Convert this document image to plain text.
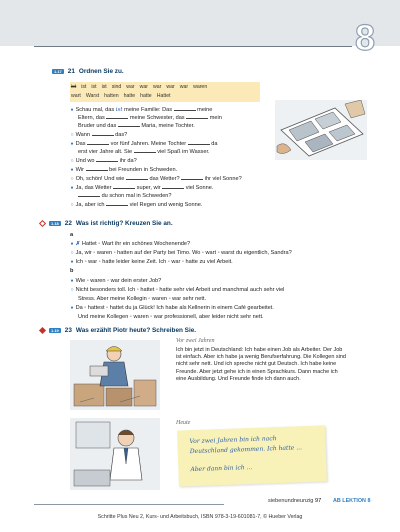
8
1.17 21 Ordnen Sie zu.
ist ist ist ist sind war war war war war waren
wart Warst hatten hatte hatte Hattet
● Schau mal, das ist meine Familie: Das	meine
Eltern, das	meine Schwester, das	mein
Bruder und das	Maria, meine Tochter.
○ Wann	das?
● Das	vor fünf Jahren. Meine Tochter	da
erst vier Jahre alt. Sie	viel Spaß im Wasser.
○ Und wo	ihr da?
● Wir	bei Freunden in Schweden.
○ Oh, schön! Und wie	das Wetter?	ihr viel Sonne?
● Ja, das Wetter	super, wir	viel Sonne.
du schon mal in Schweden?
○ Ja, aber ich	viel Regen und wenig Sonne.
1.18 22 Was ist richtig? Kreuzen Sie an.
a
● ✗ Hattet ◦ Wart ihr ein schönes Wochenende?
○ Ja, wir ◦ waren ◦ hatten auf der Party bei Timo. Wo ◦ wart ◦ warst du eigentlich, Sandra?
● Ich ◦ war ◦ hatte leider keine Zeit. Ich ◦ war ◦ hatte zu viel Arbeit.
b
● Wie ◦ waren ◦ war dein erster Job?
○ Nicht besonders toll. Ich ◦ hattet ◦ hatte sehr viel Arbeit und manchmal auch sehr viel
Stress. Aber meine Kollegin ◦ waren ◦ war sehr nett.
● Da ◦ hattest ◦ hattet du ja Glück! Ich habe als Kellnerin in einem Café gearbeitet.
Und meine Kollegen ◦ waren ◦ war professionell, aber leider nicht sehr nett.
1.19 23 Was erzählt Piotr heute? Schreiben Sie.
Vor zwei Jahren
Ich bin jetzt in Deutschland: Ich habe einen Job als Arbeiter. Der Job
ist einfach. Aber ich habe ja wenig Berufserfahrung. Die Kollegen sind
nicht sehr nett. Und ich spreche nicht gut Deutsch. Ich habe keine
Freunde. Aber jetzt gehe ich in einen Sprachkurs. Dann mache ich
eine Ausbildung. Und Freunde finde ich dann auch.
Heute
Vor zwei Jahren bin ich nach
Deutschland gekommen. Ich hatte ...
Aber dann bin ich ...
siebenundneunzig 97 AB LEKTION 8
Schritte Plus Neu 2, Kurs- und Arbeitsbuch, ISBN 978-3-19-601081-7, © Hueber Verlag
